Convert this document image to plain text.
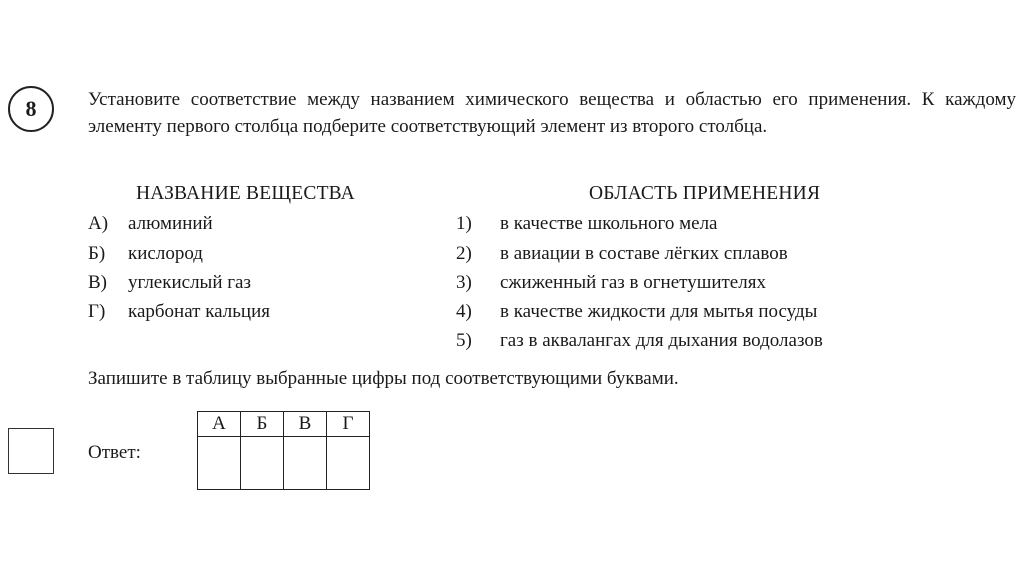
8	Установите соответствие между названием химического вещества и областью его применения. К каждому элементу первого столбца подберите соответствующий элемент из второго столбца.
НАЗВАНИЕ ВЕЩЕСТВА	ОБЛАСТЬ ПРИМЕНЕНИЯ
А) алюминий
Б) кислород
В) углекислый газ
Г) карбонат кальция
1) в качестве школьного мела
2) в авиации в составе лёгких сплавов
3) сжиженный газ в огнетушителях
4) в качестве жидкости для мытья посуды
5) газ в аквалангах для дыхания водолазов
Запишите в таблицу выбранные цифры под соответствующими буквами.
Ответ:
А	Б	В	Г
